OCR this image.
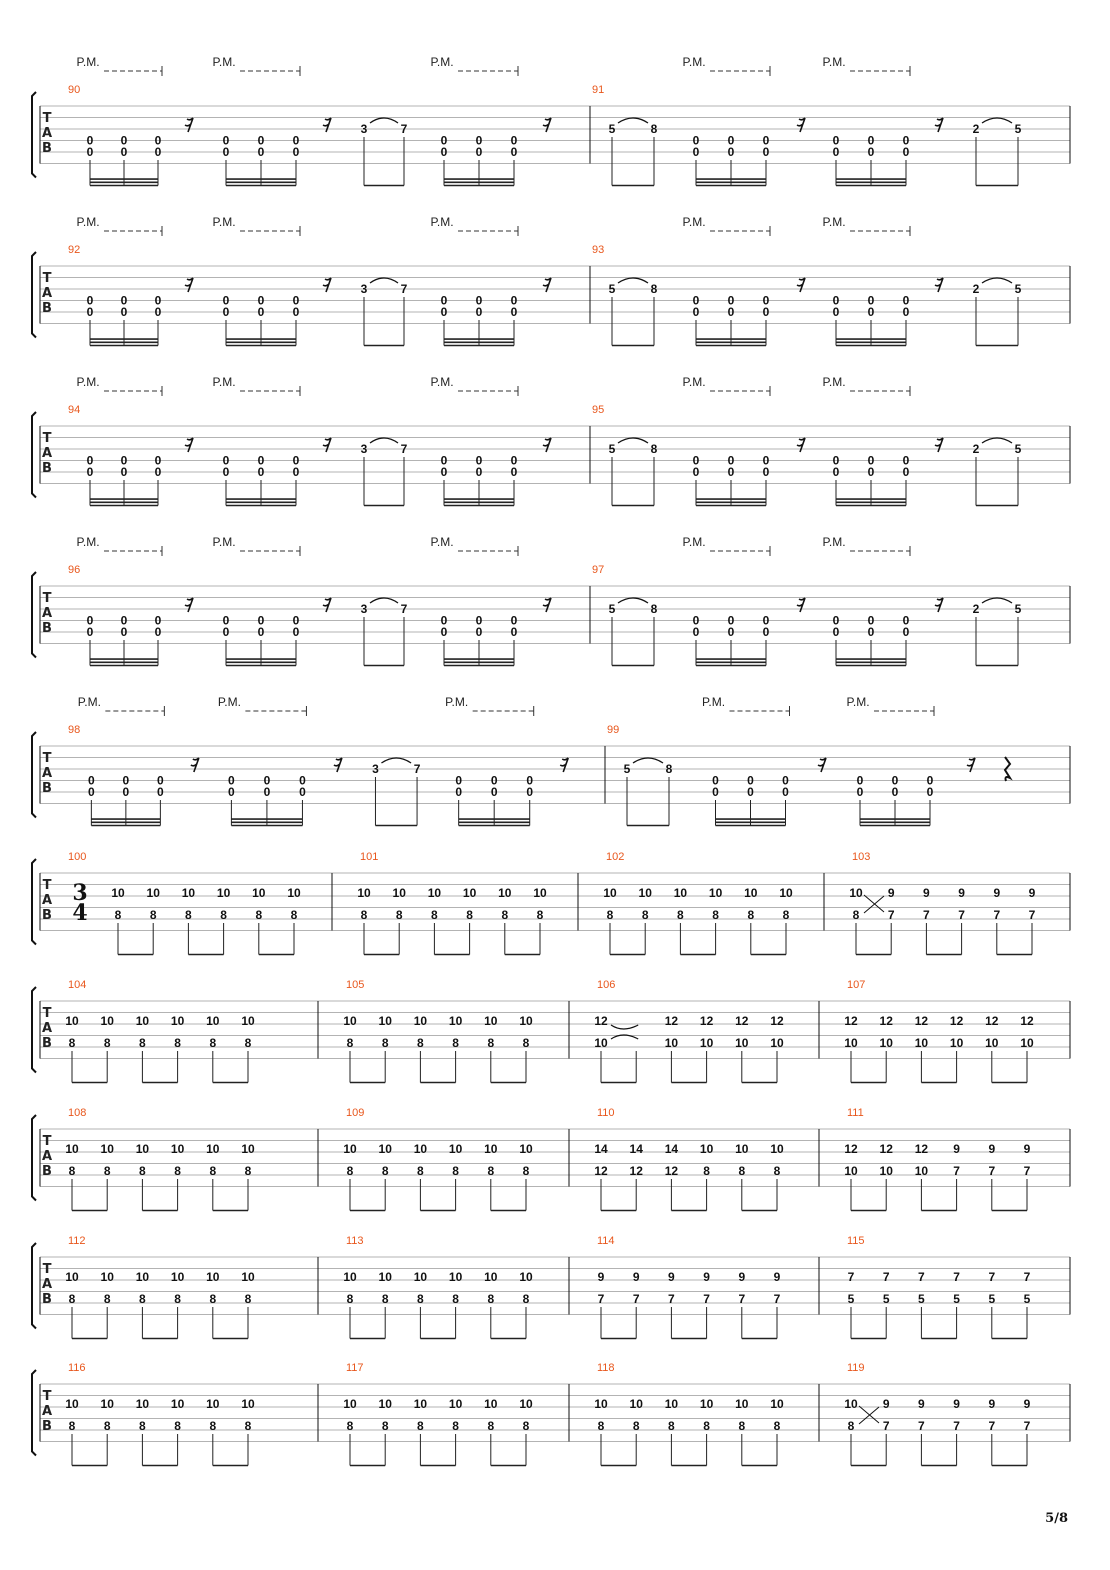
T
A
B
90	91
0
0
0
0
0
0
P.M.
0
0
0
0
0
0
P.M.
3	7
0
0
0
0
0
0
P.M.
5	8
0
0
0
0
0
0
P.M.
0
0
0
0
0
0
P.M.
2	5
T
A
B
92	93
0
0
0
0
0
0
P.M.
0
0
0
0
0
0
P.M.
3	7
0
0
0
0
0
0
P.M.
5	8
0
0
0
0
0
0
P.M.
0
0
0
0
0
0
P.M.
2	5
T
A
B
94	95
0
0
0
0
0
0
P.M.
0
0
0
0
0
0
P.M.
3	7
0
0
0
0
0
0
P.M.
5	8
0
0
0
0
0
0
P.M.
0
0
0
0
0
0
P.M.
2	5
T
A
B
96	97
0
0
0
0
0
0
P.M.
0
0
0
0
0
0
P.M.
3	7
0
0
0
0
0
0
P.M.
5	8
0
0
0
0
0
0
P.M.
0
0
0
0
0
0
P.M.
2	5
T
A
B
98	99
0
0
0
0
0
0
P.M.
0
0
0
0
0
0
P.M.
3	7
0
0
0
0
0
0
P.M.
5	8
0
0
0
0
0
0
P.M.
0
0
0
0
0
0
P.M.
T
A
B
3
4
100
10
8
10
8
10
8
10
8
10
8
10
8
101
10
8
10
8
10
8
10
8
10
8
10
8
102
10
8
10
8
10
8
10
8
10
8
10
8
103
10
8
9
7
9
7
9
7
9
7
9
7
T
A
B
104
10
8
10
8
10
8
10
8
10
8
10
8
105
10
8
10
8
10
8
10
8
10
8
10
8
106
12
10
12
10
12
10
12
10
12
10
107
12
10
12
10
12
10
12
10
12
10
12
10
T
A
B
108
10
8
10
8
10
8
10
8
10
8
10
8
109
10
8
10
8
10
8
10
8
10
8
10
8
110
14
12
14
12
14
12
10
8
10
8
10
8
111
12
10
12
10
12
10
9
7
9
7
9
7
T
A
B
112
10
8
10
8
10
8
10
8
10
8
10
8
113
10
8
10
8
10
8
10
8
10
8
10
8
114
9
7
9
7
9
7
9
7
9
7
9
7
115
7
5
7
5
7
5
7
5
7
5
7
5
T
A
B
116
10
8
10
8
10
8
10
8
10
8
10
8
117
10
8
10
8
10
8
10
8
10
8
10
8
118
10
8
10
8
10
8
10
8
10
8
10
8
119
10
8
9
7
9
7
9
7
9
7
9
7
5/8
